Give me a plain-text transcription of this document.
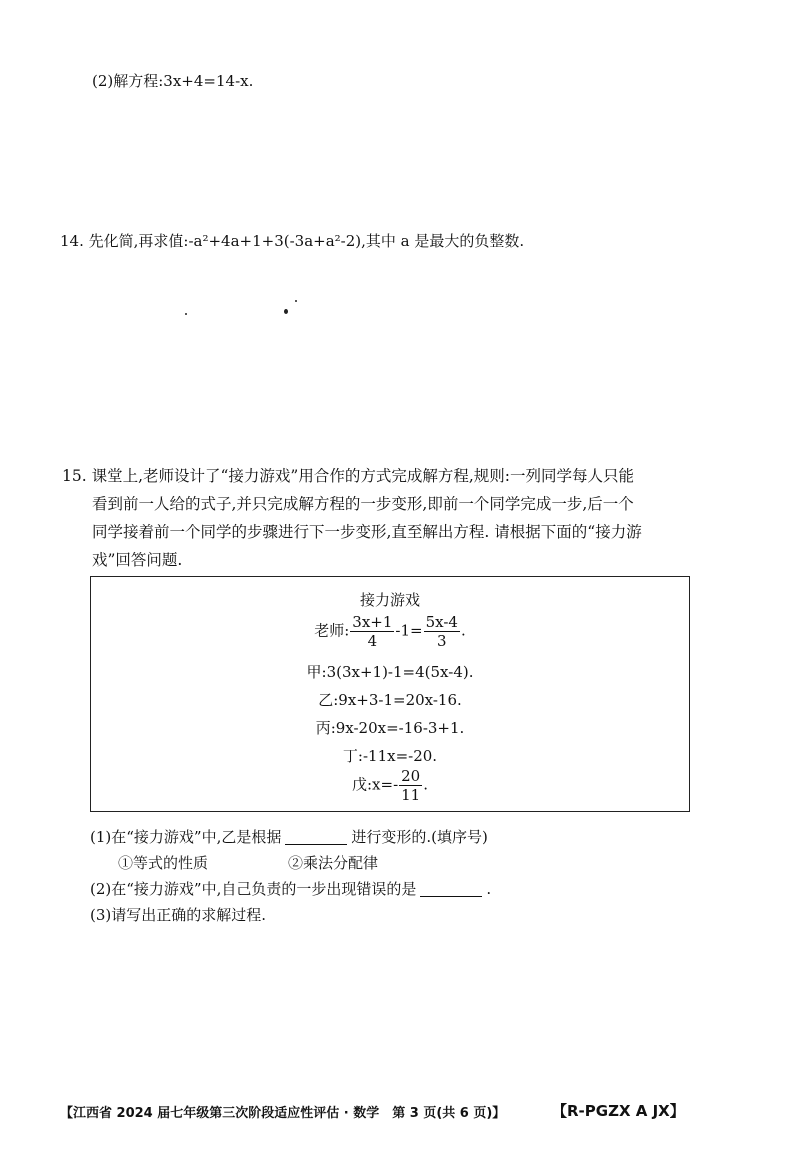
(2)解方程:3x+4=14-x.
14. 先化简,再求值:-a²+4a+1+3(-3a+a²-2),其中 a 是最大的负整数.
15. 课堂上,老师设计了“接力游戏”用合作的方式完成解方程,规则:一列同学每人只能
看到前一人给的式子,并只完成解方程的一步变形,即前一个同学完成一步,后一个
同学接着前一个同学的步骤进行下一步变形,直至解出方程. 请根据下面的“接力游
戏”回答问题.
接力游戏
老师: $\frac{3x+1}{4} -1= \frac{5x-4}{3}$ .
甲:3(3x+1)-1=4(5x-4).
乙:9x+3-1=20x-16.
丙:9x-20x=-16-3+1.
丁:-11x=-20.
戊:x=- $\frac{20}{11}$ .
(1)在“接力游戏”中,乙是根据	进行变形的.(填序号)
①等式的性质	②乘法分配律
(2)在“接力游戏”中,自己负责的一步出现错误的是	.
(3)请写出正确的求解过程.
【江西省 2024 届七年级第三次阶段适应性评估 · 数学　第 3 页(共 6 页)】	【R-PGZX A JX】
